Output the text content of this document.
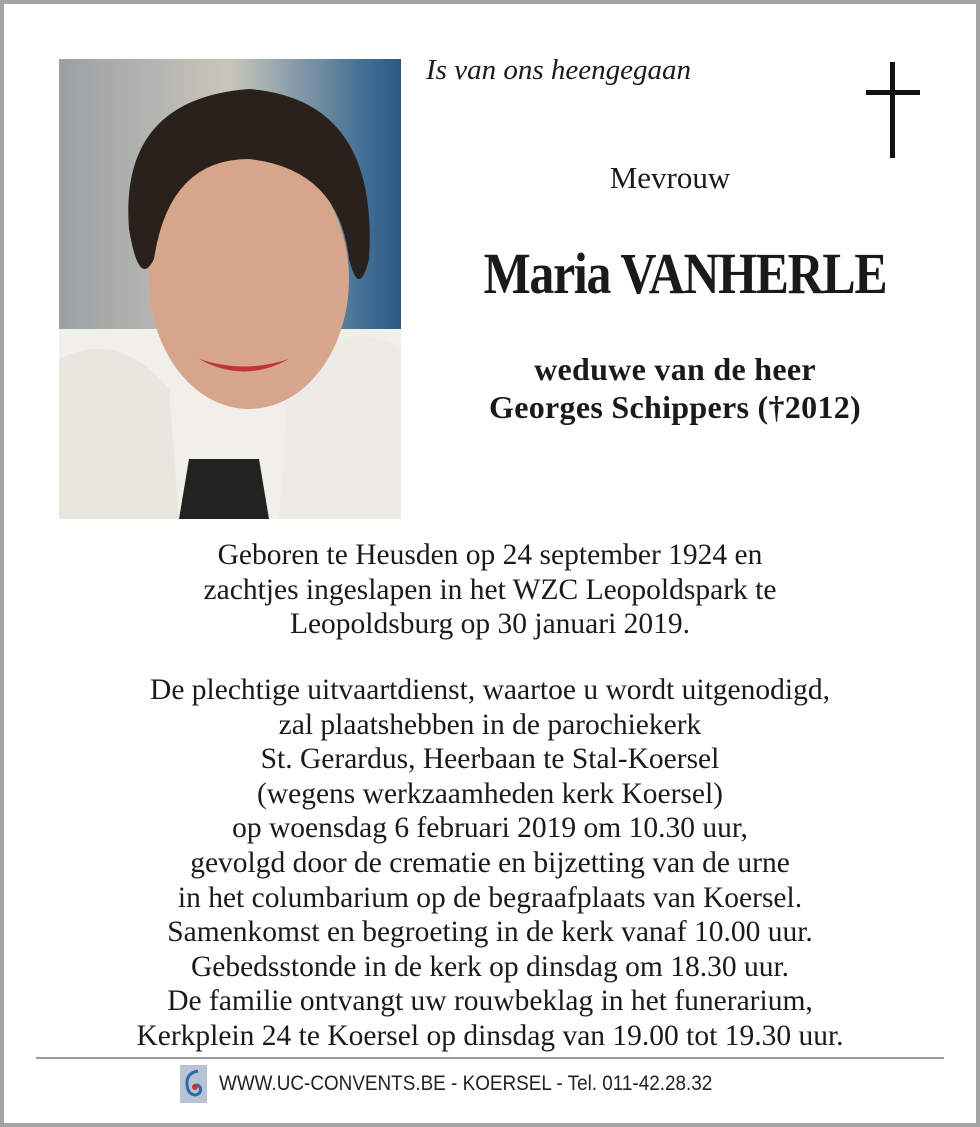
Is van ons heengegaan
Mevrouw
Maria VANHERLE
weduwe van de heer
Georges Schippers (†2012)
Geboren te Heusden op 24 september 1924 en
zachtjes ingeslapen in het WZC Leopoldspark te
Leopoldsburg op 30 januari 2019.
De plechtige uitvaartdienst, waartoe u wordt uitgenodigd,
zal plaatshebben in de parochiekerk
St. Gerardus, Heerbaan te Stal-Koersel
(wegens werkzaamheden kerk Koersel)
op woensdag 6 februari 2019 om 10.30 uur,
gevolgd door de crematie en bijzetting van de urne
in het columbarium op de begraafplaats van Koersel.
Samenkomst en begroeting in de kerk vanaf 10.00 uur.
Gebedsstonde in de kerk op dinsdag om 18.30 uur.
De familie ontvangt uw rouwbeklag in het funerarium,
Kerkplein 24 te Koersel op dinsdag van 19.00 tot 19.30 uur.
WWW.UC-CONVENTS.BE - KOERSEL - Tel. 011-42.28.32
